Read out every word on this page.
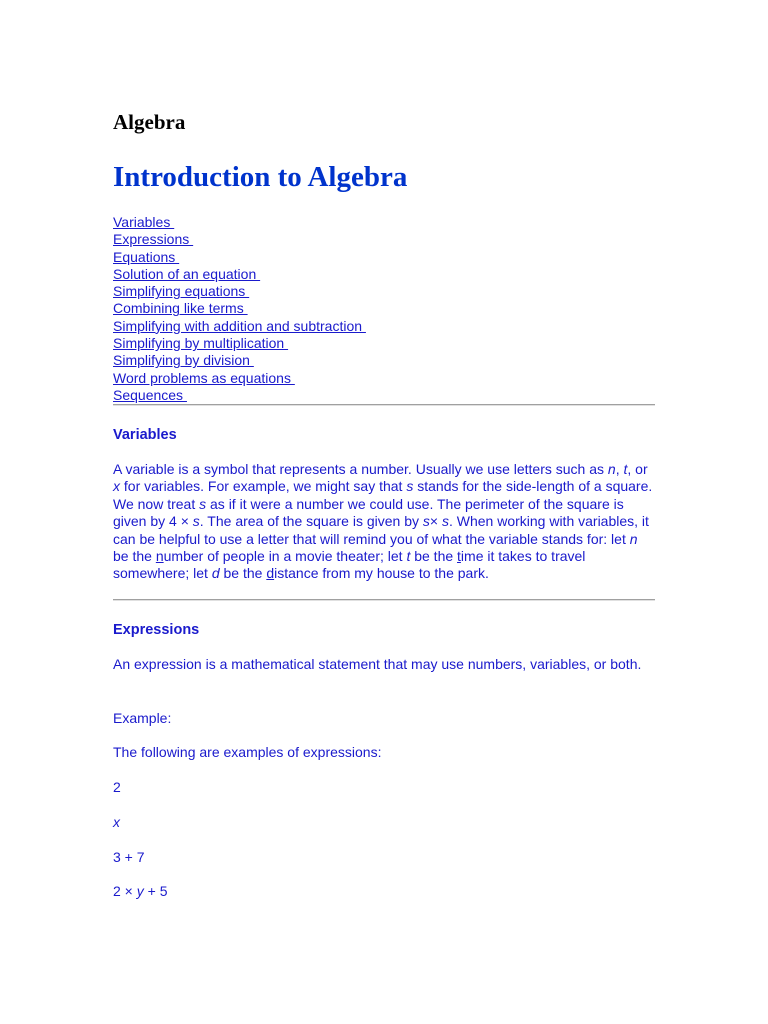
Algebra
Introduction to Algebra
Variables
Expressions
Equations
Solution of an equation
Simplifying equations
Combining like terms
Simplifying with addition and subtraction
Simplifying by multiplication
Simplifying by division
Word problems as equations
Sequences
Variables

A variable is a symbol that represents a number. Usually we use letters such as n, t, or x for variables. For example, we might say that s stands for the side-length of a square. We now treat s as if it were a number we could use. The perimeter of the square is given by 4 × s. The area of the square is given by s× s. When working with variables, it can be helpful to use a letter that will remind you of what the variable stands for: let n be the number of people in a movie theater; let t be the time it takes to travel somewhere; let d be the distance from my house to the park.

Expressions

An expression is a mathematical statement that may use numbers, variables, or both.

Example:

The following are examples of expressions:

2

x

3 + 7

2 × y + 5
